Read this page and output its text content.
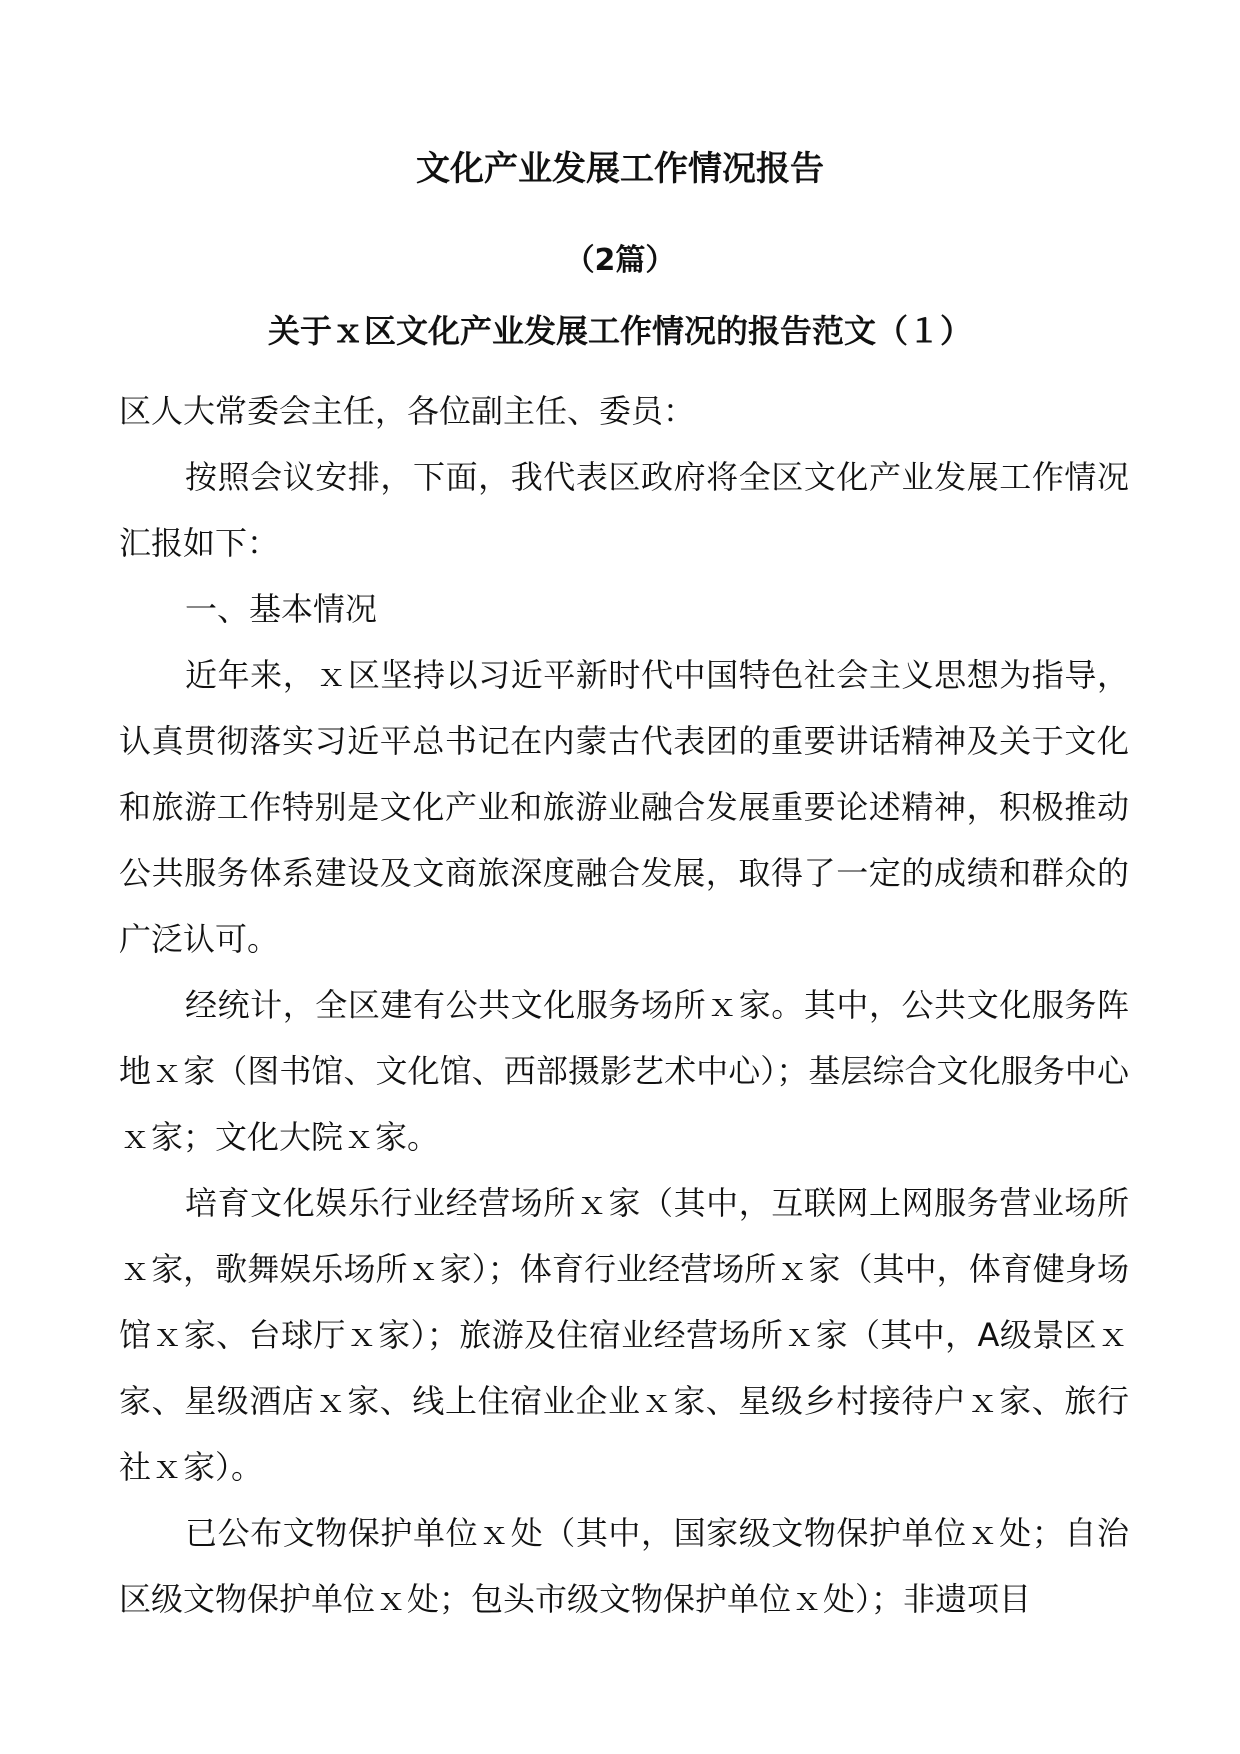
文化产业发展工作情况报告
（2篇）
关于ｘ区文化产业发展工作情况的报告范文（１）

区人大常委会主任，各位副主任、委员：

按照会议安排，下面，我代表区政府将全区文化产业发展工作情况汇报如下：

一、基本情况

近年来，ｘ区坚持以习近平新时代中国特色社会主义思想为指导，认真贯彻落实习近平总书记在内蒙古代表团的重要讲话精神及关于文化和旅游工作特别是文化产业和旅游业融合发展重要论述精神，积极推动公共服务体系建设及文商旅深度融合发展，取得了一定的成绩和群众的广泛认可。

经统计，全区建有公共文化服务场所ｘ家。其中，公共文化服务阵地ｘ家（图书馆、文化馆、西部摄影艺术中心）；基层综合文化服务中心ｘ家；文化大院ｘ家。

培育文化娱乐行业经营场所ｘ家（其中，互联网上网服务营业场所ｘ家，歌舞娱乐场所ｘ家）；体育行业经营场所ｘ家（其中，体育健身场馆ｘ家、台球厅ｘ家）；旅游及住宿业经营场所ｘ家（其中，A级景区ｘ家、星级酒店ｘ家、线上住宿业企业ｘ家、星级乡村接待户ｘ家、旅行社ｘ家）。

已公布文物保护单位ｘ处（其中，国家级文物保护单位ｘ处；自治区级文物保护单位ｘ处；包头市级文物保护单位ｘ处）；非遗项目
